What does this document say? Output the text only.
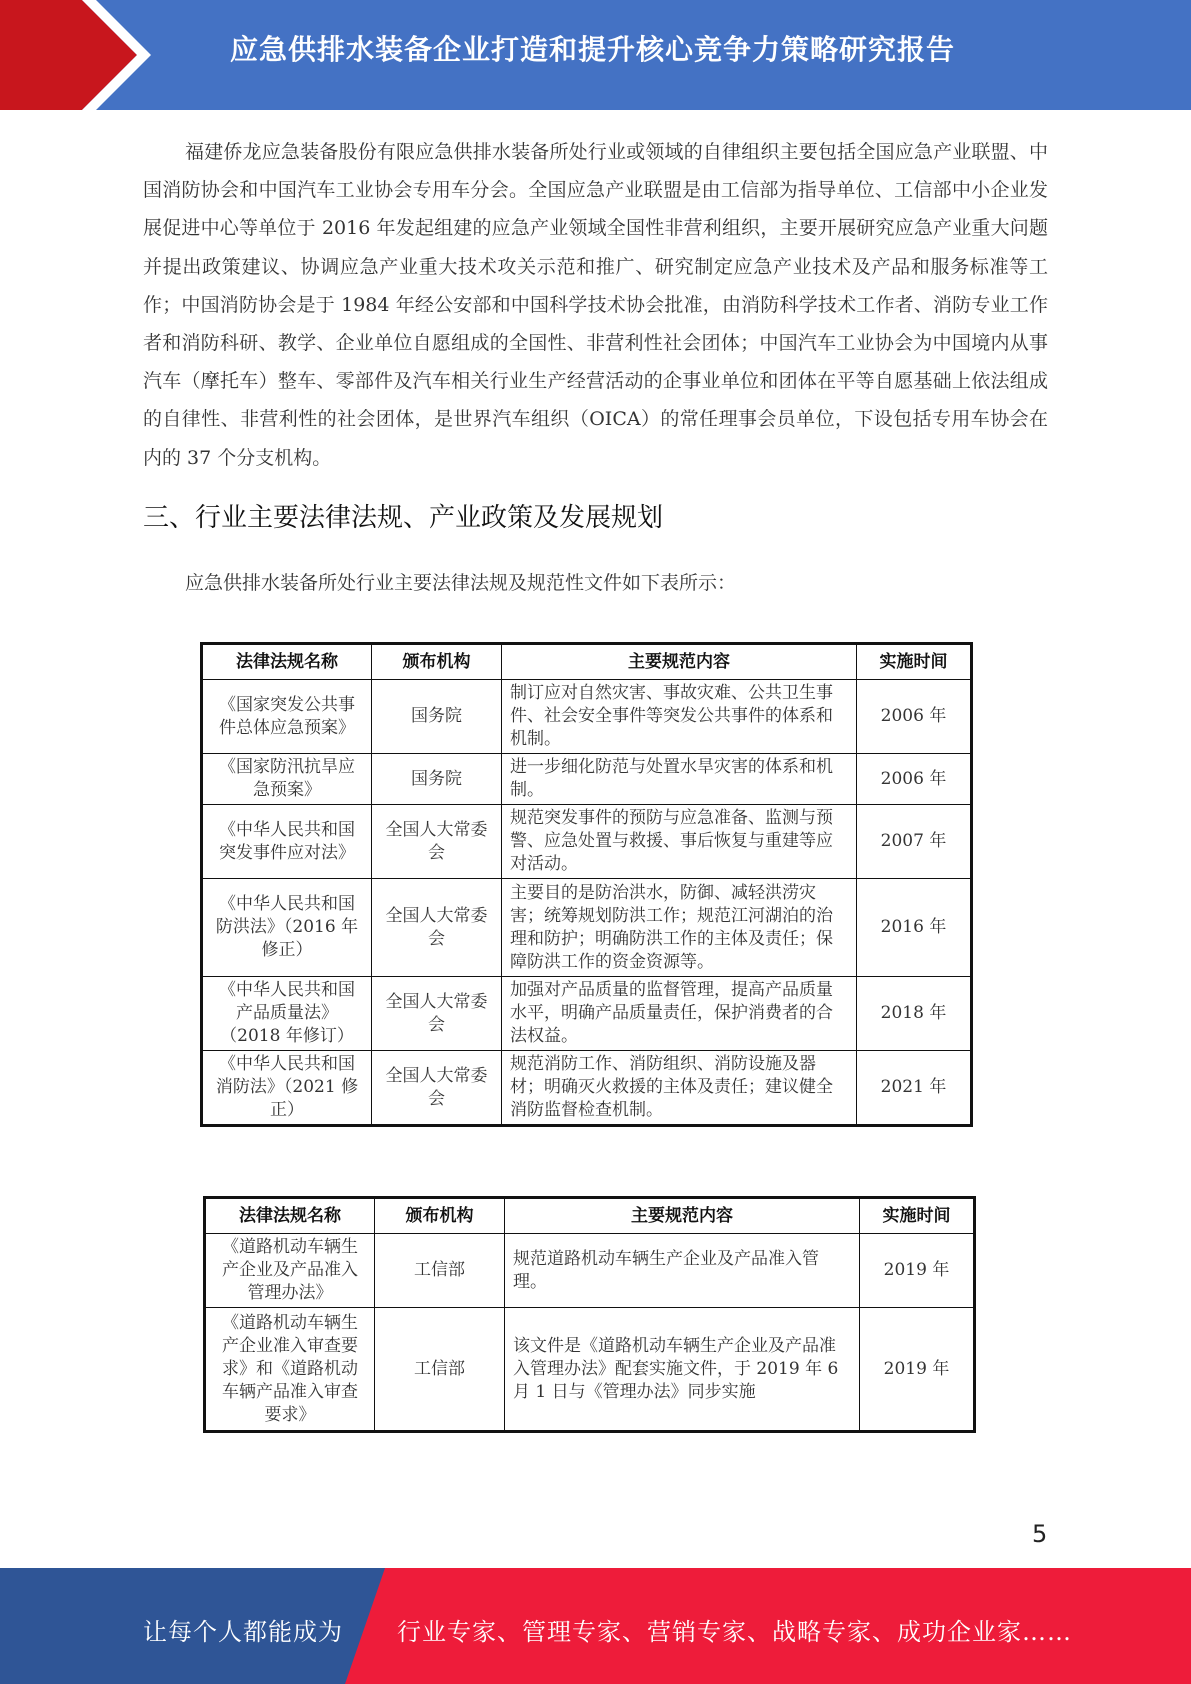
应急供排水装备企业打造和提升核心竞争力策略研究报告
福建侨龙应急装备股份有限应急供排水装备所处行业或领域的自律组织主要包括全国应急产业联盟、中国消防协会和中国汽车工业协会专用车分会。全国应急产业联盟是由工信部为指导单位、工信部中小企业发展促进中心等单位于 2016 年发起组建的应急产业领域全国性非营利组织，主要开展研究应急产业重大问题并提出政策建议、协调应急产业重大技术攻关示范和推广、研究制定应急产业技术及产品和服务标准等工作；中国消防协会是于 1984 年经公安部和中国科学技术协会批准，由消防科学技术工作者、消防专业工作者和消防科研、教学、企业单位自愿组成的全国性、非营利性社会团体；中国汽车工业协会为中国境内从事汽车（摩托车）整车、零部件及汽车相关行业生产经营活动的企事业单位和团体在平等自愿基础上依法组成的自律性、非营利性的社会团体，是世界汽车组织（OICA）的常任理事会员单位，下设包括专用车协会在内的 37 个分支机构。
三、行业主要法律法规、产业政策及发展规划
应急供排水装备所处行业主要法律法规及规范性文件如下表所示：
法律法规名称	颁布机构	主要规范内容	实施时间
《国家突发公共事件总体应急预案》	国务院	制订应对自然灾害、事故灾难、公共卫生事件、社会安全事件等突发公共事件的体系和机制。	2006 年
《国家防汛抗旱应急预案》	国务院	进一步细化防范与处置水旱灾害的体系和机制。	2006 年
《中华人民共和国突发事件应对法》	全国人大常委会	规范突发事件的预防与应急准备、监测与预警、应急处置与救援、事后恢复与重建等应对活动。	2007 年
《中华人民共和国防洪法》（2016 年修正）	全国人大常委会	主要目的是防治洪水，防御、减轻洪涝灾害；统筹规划防洪工作；规范江河湖泊的治理和防护；明确防洪工作的主体及责任；保障防洪工作的资金资源等。	2016 年
《中华人民共和国产品质量法》（2018 年修订）	全国人大常委会	加强对产品质量的监督管理，提高产品质量水平，明确产品质量责任，保护消费者的合法权益。	2018 年
《中华人民共和国消防法》（2021 修正）	全国人大常委会	规范消防工作、消防组织、消防设施及器材；明确灭火救援的主体及责任；建议健全消防监督检查机制。	2021 年
法律法规名称	颁布机构	主要规范内容	实施时间
《道路机动车辆生产企业及产品准入管理办法》	工信部	规范道路机动车辆生产企业及产品准入管理。	2019 年
《道路机动车辆生产企业准入审查要求》和《道路机动车辆产品准入审查要求》	工信部	该文件是《道路机动车辆生产企业及产品准入管理办法》配套实施文件，于 2019 年 6 月 1 日与《管理办法》同步实施	2019 年
5
让每个人都能成为 行业专家、管理专家、营销专家、战略专家、成功企业家……
